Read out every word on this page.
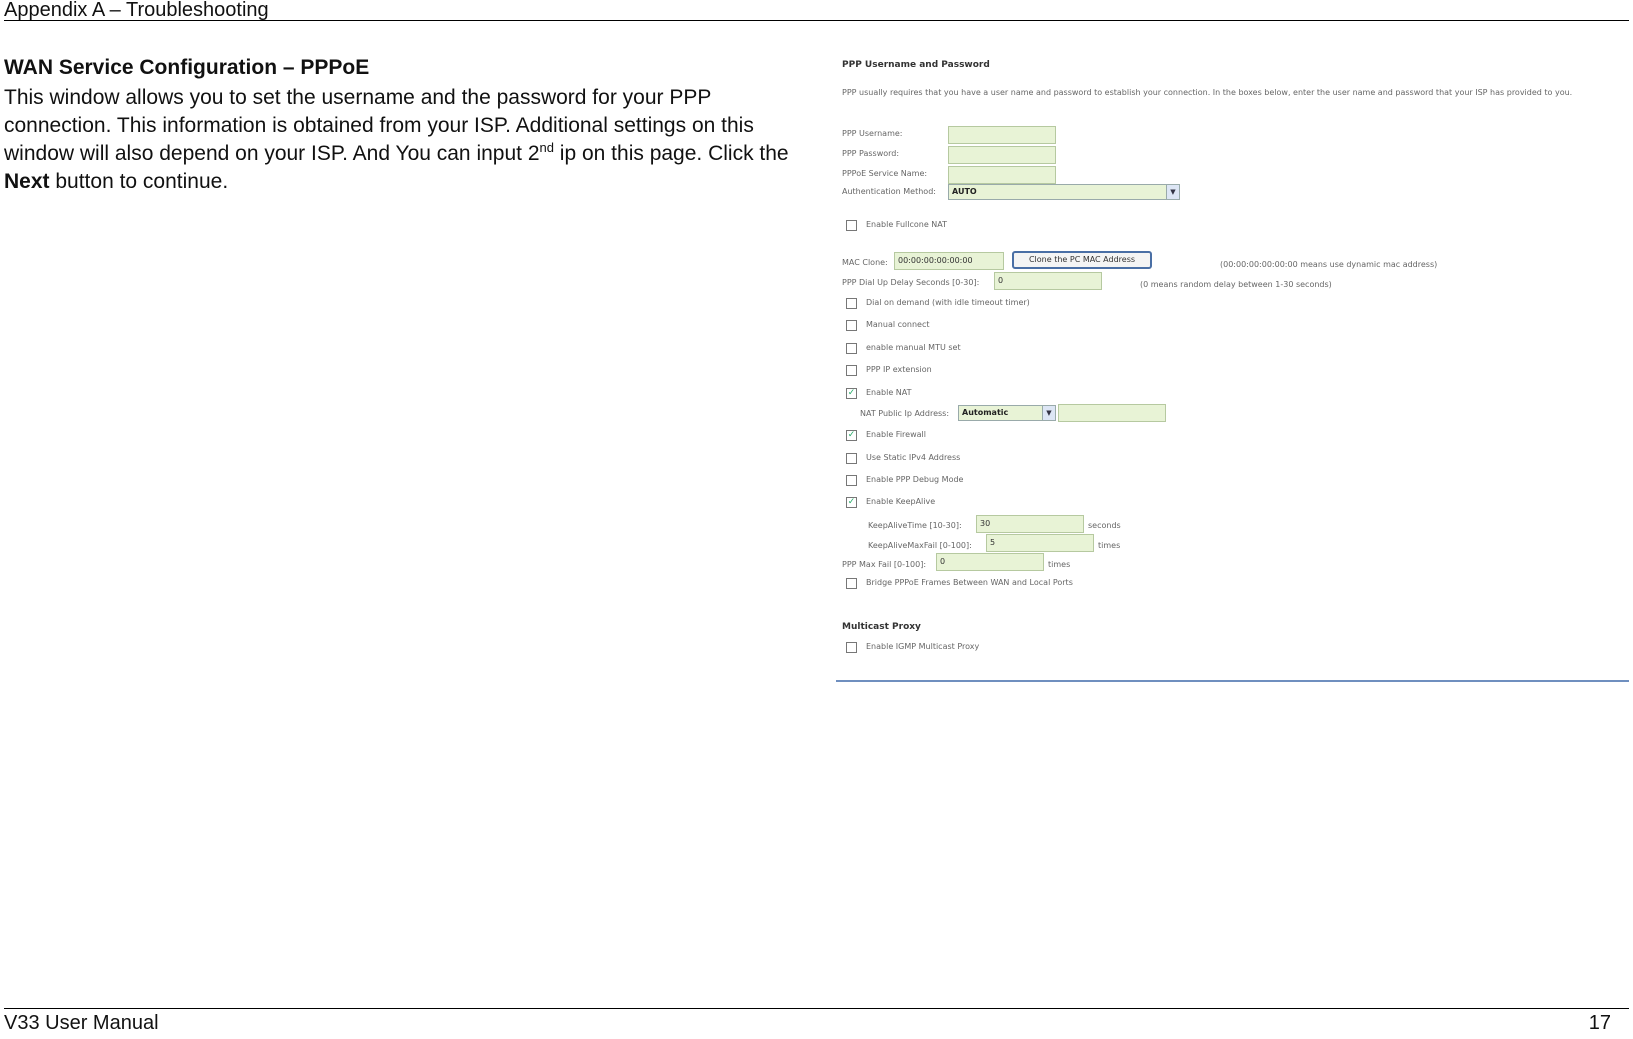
Appendix A – Troubleshooting
WAN Service Configuration – PPPoE
This window allows you to set the username and the password for your PPP connection. This information is obtained from your ISP. Additional settings on this window will also depend on your ISP. And You can input 2nd ip on this page. Click the Next button to continue.
PPP Username and Password
PPP usually requires that you have a user name and password to establish your connection. In the boxes below, enter the user name and password that your ISP has provided to you.
PPP Username:
PPP Password:
PPPoE Service Name:
Authentication Method:	AUTO	▼
Enable Fullcone NAT
MAC Clone:	00:00:00:00:00:00	Clone the PC MAC Address
(00:00:00:00:00:00 means use dynamic mac address)
PPP Dial Up Delay Seconds [0-30]:	0	(0 means random delay between 1-30 seconds)
Dial on demand (with idle timeout timer)
Manual connect
enable manual MTU set
PPP IP extension
✓ Enable NAT
NAT Public Ip Address:	Automatic	▼
✓ Enable Firewall
Use Static IPv4 Address
Enable PPP Debug Mode
✓ Enable KeepAlive
KeepAliveTime [10-30]:	30	seconds
KeepAliveMaxFail [0-100]:	5	times
PPP Max Fail [0-100]:	0	times
Bridge PPPoE Frames Between WAN and Local Ports
Multicast Proxy
Enable IGMP Multicast Proxy
V33 User Manual	17
